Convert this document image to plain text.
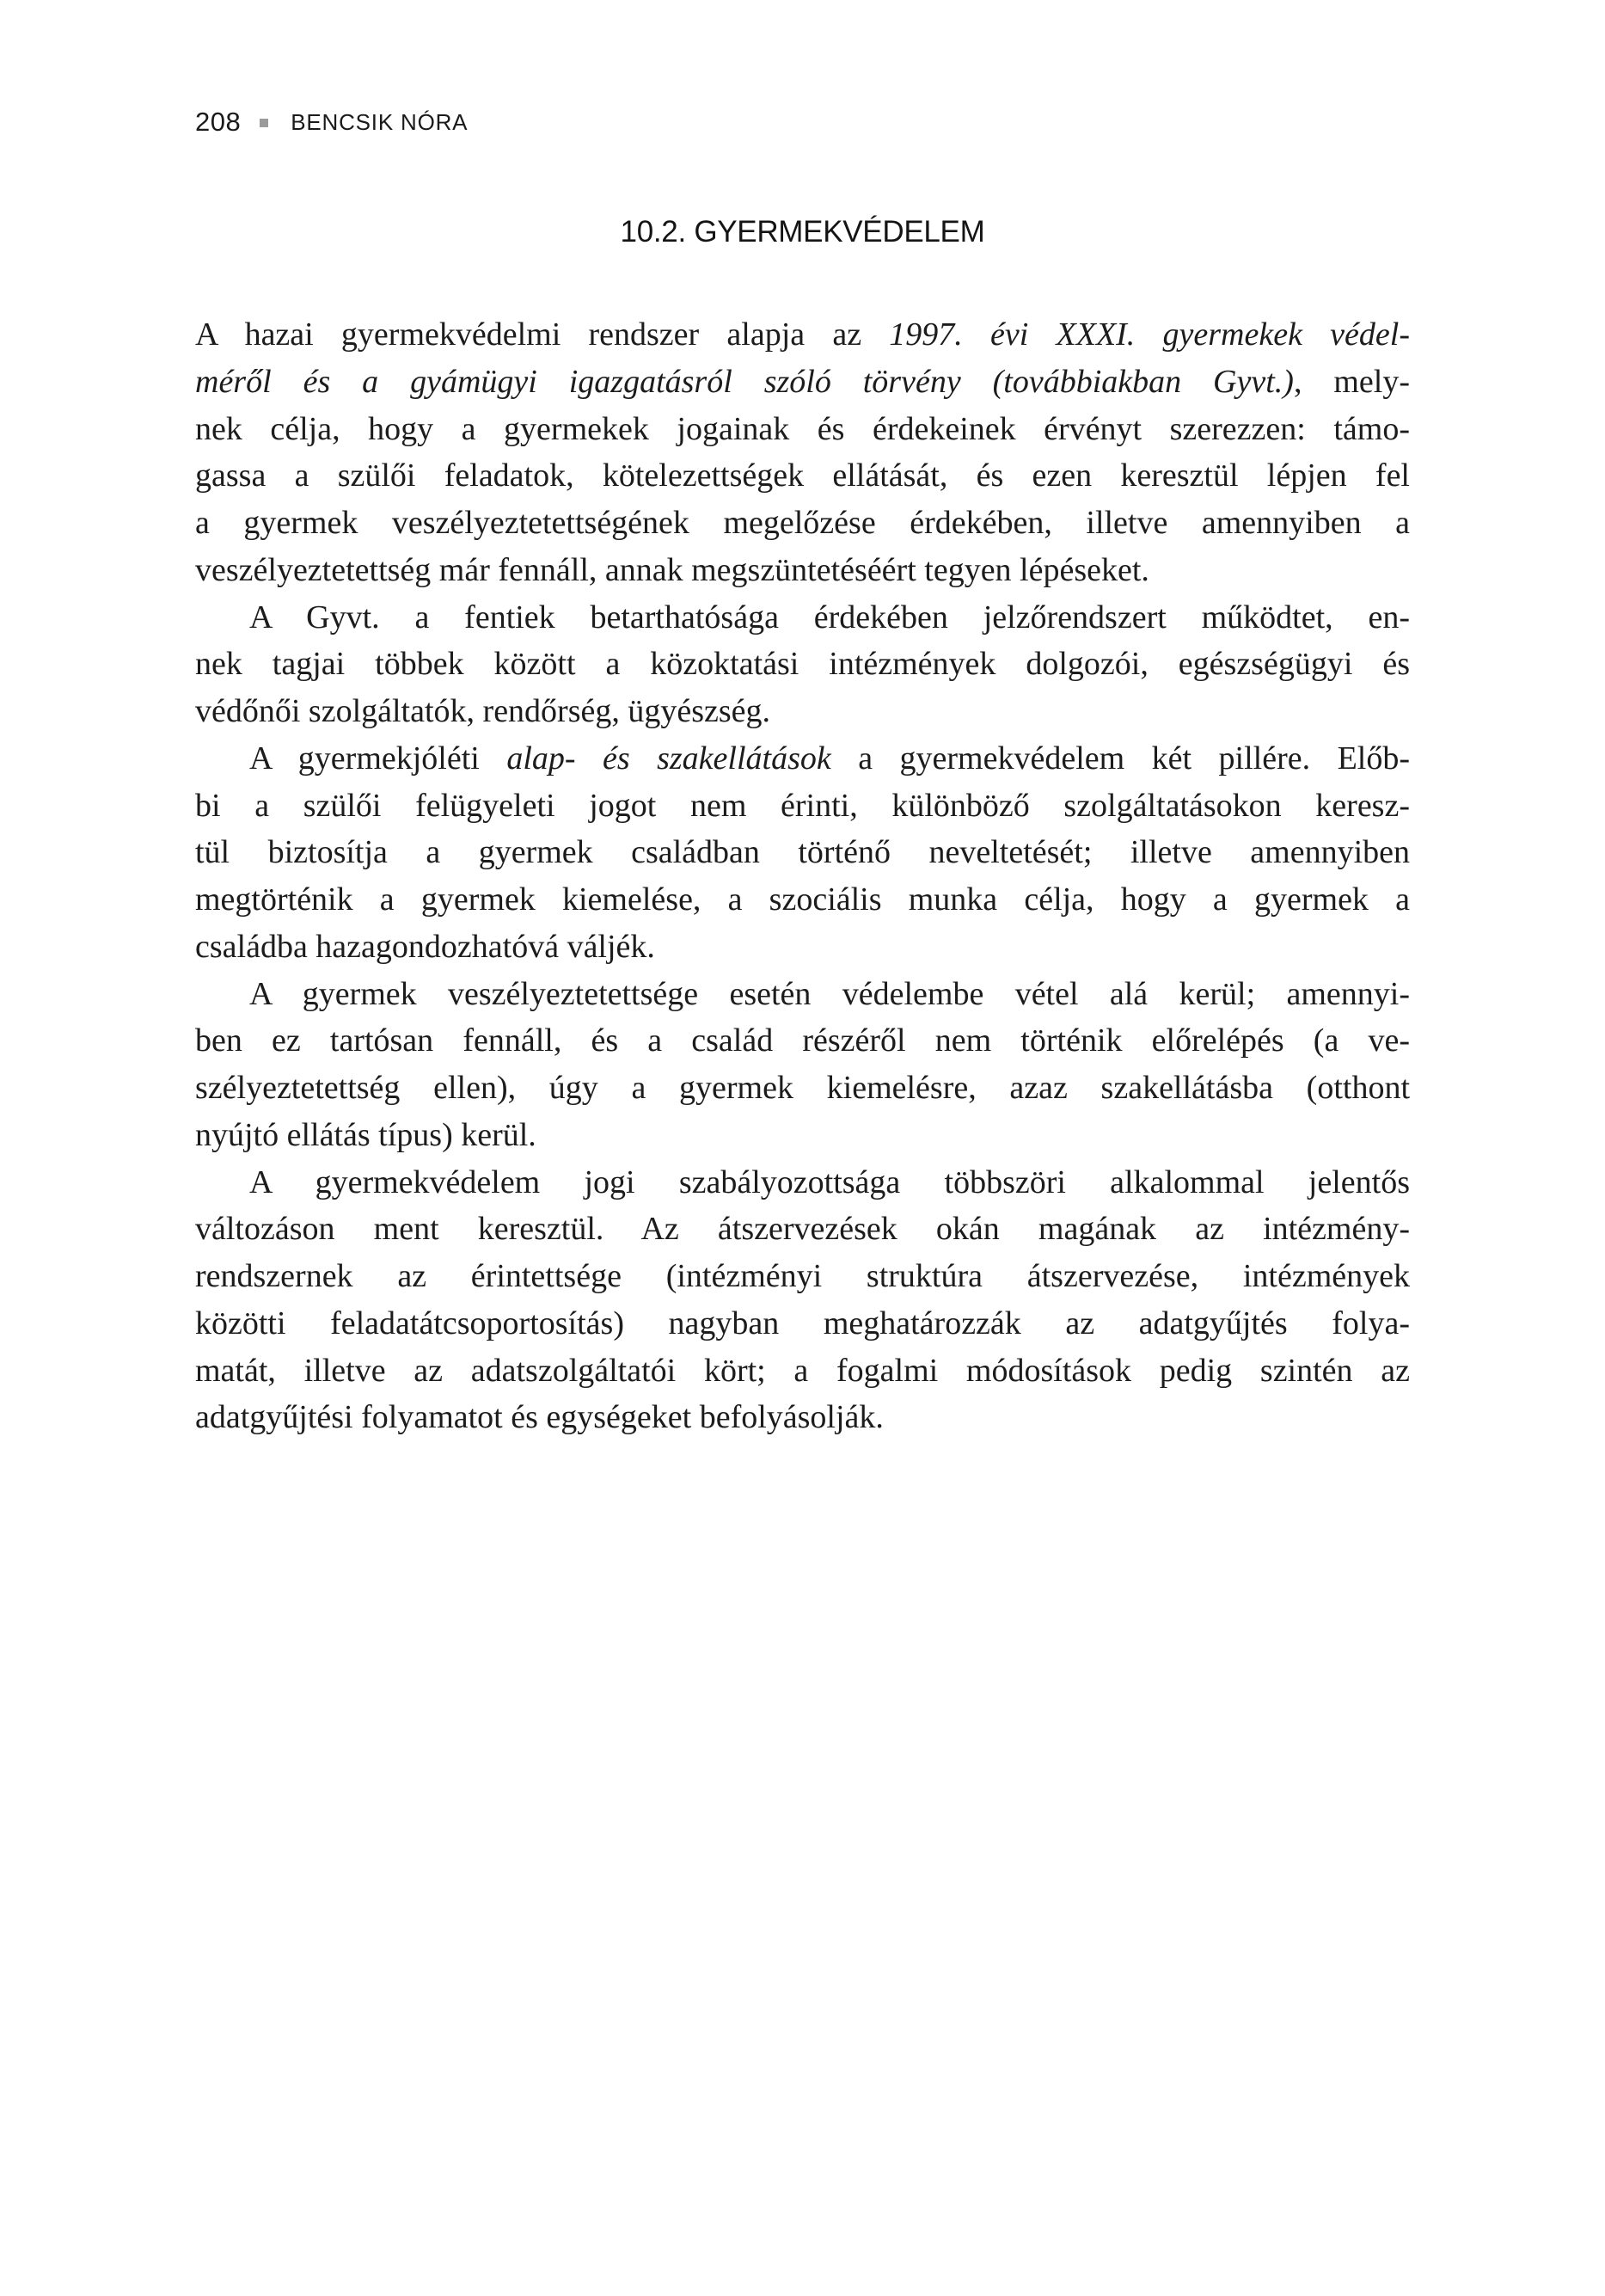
208 BENCSIK NÓRA
10.2. GYERMEKVÉDELEM
A hazai gyermekvédelmi rendszer alapja az 1997. évi XXXI. gyermekek védel-
méről és a gyámügyi igazgatásról szóló törvény (továbbiakban Gyvt.), mely-
nek célja, hogy a gyermekek jogainak és érdekeinek érvényt szerezzen: támo-
gassa a szülői feladatok, kötelezettségek ellátását, és ezen keresztül lépjen fel
a gyermek veszélyeztetettségének megelőzése érdekében, illetve amennyiben a
veszélyeztetettség már fennáll, annak megszüntetéséért tegyen lépéseket.
A Gyvt. a fentiek betarthatósága érdekében jelzőrendszert működtet, en-
nek tagjai többek között a közoktatási intézmények dolgozói, egészségügyi és
védőnői szolgáltatók, rendőrség, ügyészség.
A gyermekjóléti alap- és szakellátások a gyermekvédelem két pillére. Előb-
bi a szülői felügyeleti jogot nem érinti, különböző szolgáltatásokon keresz-
tül biztosítja a gyermek családban történő neveltetését; illetve amennyiben
megtörténik a gyermek kiemelése, a szociális munka célja, hogy a gyermek a
családba hazagondozhatóvá váljék.
A gyermek veszélyeztetettsége esetén védelembe vétel alá kerül; amennyi-
ben ez tartósan fennáll, és a család részéről nem történik előrelépés (a ve-
szélyeztetettség ellen), úgy a gyermek kiemelésre, azaz szakellátásba (otthont
nyújtó ellátás típus) kerül.
A gyermekvédelem jogi szabályozottsága többszöri alkalommal jelentős
változáson ment keresztül. Az átszervezések okán magának az intézmény-
rendszernek az érintettsége (intézményi struktúra átszervezése, intézmények
közötti feladatátcsoportosítás) nagyban meghatározzák az adatgyűjtés folya-
matát, illetve az adatszolgáltatói kört; a fogalmi módosítások pedig szintén az
adatgyűjtési folyamatot és egységeket befolyásolják.
